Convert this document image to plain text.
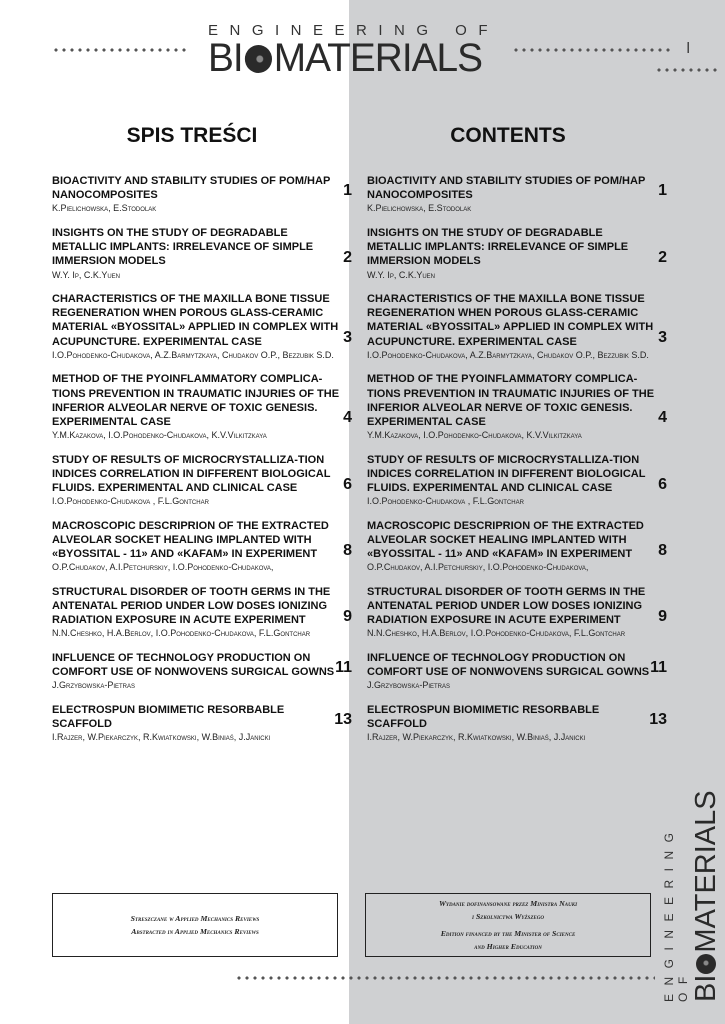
ENGINEERING OF
BI MATERIALS	I
SPIS TREŚCI	CONTENTS
BIOACTIVITY AND STABILITY STUDIES OF POM/HAP NANOCOMPOSITES
K.Pielichowska, E.Stodolak
1
INSIGHTS ON THE STUDY OF DEGRADABLE METALLIC IMPLANTS: IRRELEVANCE OF SIMPLE IMMERSION MODELS
W.Y. Ip, C.K.Yuen
2
CHARACTERISTICS OF THE MAXILLA BONE TISSUE REGENERATION WHEN POROUS GLASS-CERAMIC MATERIAL «BYOSSITAL» APPLIED IN COMPLEX WITH ACUPUNCTURE. EXPERIMENTAL CASE
I.O.Pohodenko-Chudakova, A.Z.Barmytzkaya, Chudakov O.P., Bezzubik S.D.
3
METHOD OF THE PYOINFLAMMATORY COMPLICA-TIONS PREVENTION IN TRAUMATIC INJURIES OF THE INFERIOR ALVEOLAR NERVE OF TOXIC GENESIS. EXPERIMENTAL CASE
Y.M.Kazakova, I.O.Pohodenko-Chudakova, K.V.Vilkitzkaya
4
STUDY OF RESULTS OF MICROCRYSTALLIZA-TION INDICES CORRELATION IN DIFFERENT BIOLOGICAL FLUIDS. EXPERIMENTAL AND CLINICAL CASE
I.O.Pohodenko-Chudakova , F.L.Gontchar
6
MACROSCOPIC DESCRIPRION OF THE EXTRACTED ALVEOLAR SOCKET HEALING IMPLANTED WITH «BYOSSITAL - 11» AND «KAFAM» IN EXPERIMENT
O.P.Chudakov, A.I.Petchurskiy, I.O.Pohodenko-Chudakova,
8
STRUCTURAL DISORDER OF TOOTH GERMS IN THE ANTENATAL PERIOD UNDER LOW DOSES IONIZING RADIATION EXPOSURE IN ACUTE EXPERIMENT
N.N.Cheshko, H.A.Berlov, I.O.Pohodenko-Chudakova, F.L.Gontchar
9
INFLUENCE OF TECHNOLOGY PRODUCTION ON COMFORT USE OF NONWOVENS SURGICAL GOWNS
J.Grzybowska-Pietras
11
ELECTROSPUN BIOMIMETIC RESORBABLE SCAFFOLD
I.Rajzer, W.Piekarczyk, R.Kwiatkowski, W.Biniaś, J.Janicki
13
BIOACTIVITY AND STABILITY STUDIES OF POM/HAP NANOCOMPOSITES
K.Pielichowska, E.Stodolak
1
INSIGHTS ON THE STUDY OF DEGRADABLE METALLIC IMPLANTS: IRRELEVANCE OF SIMPLE IMMERSION MODELS
W.Y. Ip, C.K.Yuen
2
CHARACTERISTICS OF THE MAXILLA BONE TISSUE REGENERATION WHEN POROUS GLASS-CERAMIC MATERIAL «BYOSSITAL» APPLIED IN COMPLEX WITH ACUPUNCTURE. EXPERIMENTAL CASE
I.O.Pohodenko-Chudakova, A.Z.Barmytzkaya, Chudakov O.P., Bezzubik S.D.
3
METHOD OF THE PYOINFLAMMATORY COMPLICA-TIONS PREVENTION IN TRAUMATIC INJURIES OF THE INFERIOR ALVEOLAR NERVE OF TOXIC GENESIS. EXPERIMENTAL CASE
Y.M.Kazakova, I.O.Pohodenko-Chudakova, K.V.Vilkitzkaya
4
STUDY OF RESULTS OF MICROCRYSTALLIZA-TION INDICES CORRELATION IN DIFFERENT BIOLOGICAL FLUIDS. EXPERIMENTAL AND CLINICAL CASE
I.O.Pohodenko-Chudakova , F.L.Gontchar
6
MACROSCOPIC DESCRIPRION OF THE EXTRACTED ALVEOLAR SOCKET HEALING IMPLANTED WITH «BYOSSITAL - 11» AND «KAFAM» IN EXPERIMENT
O.P.Chudakov, A.I.Petchurskiy, I.O.Pohodenko-Chudakova,
8
STRUCTURAL DISORDER OF TOOTH GERMS IN THE ANTENATAL PERIOD UNDER LOW DOSES IONIZING RADIATION EXPOSURE IN ACUTE EXPERIMENT
N.N.Cheshko, H.A.Berlov, I.O.Pohodenko-Chudakova, F.L.Gontchar
9
INFLUENCE OF TECHNOLOGY PRODUCTION ON COMFORT USE OF NONWOVENS SURGICAL GOWNS
J.Grzybowska-Pietras
11
ELECTROSPUN BIOMIMETIC RESORBABLE SCAFFOLD
I.Rajzer, W.Piekarczyk, R.Kwiatkowski, W.Biniaś, J.Janicki
13
Streszczane w Applied Mechanics Reviews
Abstracted in Applied Mechanics Reviews
Wydanie dofinansowane przez Ministra Nauki
i Szkolnictwa Wyższego
Edition financed by the Minister of Science
and Higher Education	ENGINEERING OF BIMATERIALS
